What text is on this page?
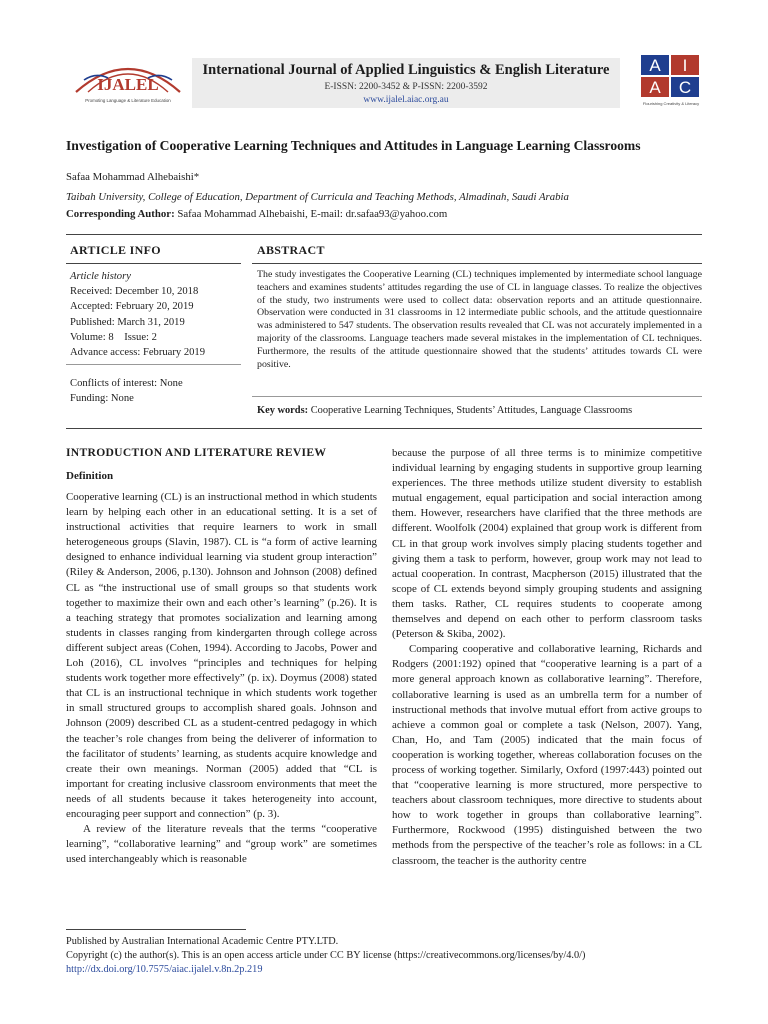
IJALEL
Promoting Language & Literature Education
International Journal of Applied Linguistics & English Literature
E-ISSN: 2200-3452 & P-ISSN: 2200-3592
www.ijalel.aiac.org.au
A I
A C
Flourishing Creativity & Literacy
Investigation of Cooperative Learning Techniques and Attitudes in Language Learning Classrooms
Safaa Mohammad Alhebaishi*
Taibah University, College of Education, Department of Curricula and Teaching Methods, Almadinah, Saudi Arabia
Corresponding Author: Safaa Mohammad Alhebaishi, E-mail: dr.safaa93@yahoo.com
ARTICLE INFO	ABSTRACT
Article history
Received: December 10, 2018
Accepted: February 20, 2019
Published: March 31, 2019
Volume: 8    Issue: 2
Advance access: February 2019
Conflicts of interest: None
Funding: None
The study investigates the Cooperative Learning (CL) techniques implemented by intermediate school language teachers and examines students’ attitudes regarding the use of CL in language classes. To realize the objectives of the study, two instruments were used to collect data: observation reports and an attitude questionnaire. Observation were conducted in 31 classrooms in 12 intermediate public schools, and the attitude questionnaire was administered to 547 students. The observation results revealed that CL was not accurately implemented in a majority of the classrooms. Language teachers made several mistakes in the implementation of CL techniques. Furthermore, the results of the attitude questionnaire showed that the students’ attitudes towards CL were positive.
Key words: Cooperative Learning Techniques, Students’ Attitudes, Language Classrooms
INTRODUCTION AND LITERATURE REVIEW
Definition

Cooperative learning (CL) is an instructional method in which students learn by helping each other in an educational setting. It is a set of instructional activities that require learners to work in small heterogeneous groups (Slavin, 1987). CL is “a form of active learning designed to enhance individual learning via student group interaction” (Riley & Anderson, 2006, p.130). Johnson and Johnson (2008) defined CL as “the instructional use of small groups so that students work together to maximize their own and each other’s learning” (p.26). It is a teaching strategy that promotes socialization and learning among students in classes ranging from kindergarten through college across different subject areas (Cohen, 1994). According to Jacobs, Power and Loh (2016), CL involves “principles and techniques for helping students work together more effectively” (p. ix). Doymus (2008) stated that CL is an instructional technique in which students work together in small structured groups to accomplish shared goals. Johnson and Johnson (2009) described CL as a student-centred pedagogy in which the teacher’s role changes from being the deliverer of information to the facilitator of students’ learning, as students acquire knowledge and create their own meanings. Norman (2005) added that “CL is important for creating inclusive classroom environments that meet the needs of all students because it takes heterogeneity into account, encouraging peer support and connection” (p. 3).

A review of the literature reveals that the terms “cooperative learning”, “collaborative learning” and “group work” are sometimes used interchangeably which is reasonable

because the purpose of all three terms is to minimize competitive individual learning by engaging students in supportive group learning experiences. The three methods utilize student diversity to establish mutual engagement, equal participation and social interaction among them. However, researchers have clarified that the three methods are different. Woolfolk (2004) explained that group work is different from CL in that group work involves simply placing students together and giving them a task to perform, however, group work may not lead to actual cooperation. In contrast, Macpherson (2015) illustrated that the scope of CL extends beyond simply grouping students and assigning them tasks. Rather, CL requires students to cooperate among themselves and depend on each other to perform classroom tasks (Peterson & Skiba, 2002).

Comparing cooperative and collaborative learning, Richards and Rodgers (2001:192) opined that “cooperative learning is a part of a more general approach known as collaborative learning”. Therefore, collaborative learning is used as an umbrella term for a number of instructional methods that involve mutual effort from active groups to achieve a common goal or complete a task (Nelson, 2007). Yang, Chan, Ho, and Tam (2005) indicated that the main focus of cooperation is working together, whereas collaboration focuses on the process of working together. Similarly, Oxford (1997:443) pointed out that “cooperative learning is more structured, more perspective to teachers about classroom techniques, more directive to students about how to work together in groups than collaborative learning”. Furthermore, Rockwood (1995) distinguished between the two methods from the perspective of the teacher’s role as follows: in a CL classroom, the teacher is the authority centre

Published by Australian International Academic Centre PTY.LTD.
Copyright (c) the author(s). This is an open access article under CC BY license (https://creativecommons.org/licenses/by/4.0/)
http://dx.doi.org/10.7575/aiac.ijalel.v.8n.2p.219
